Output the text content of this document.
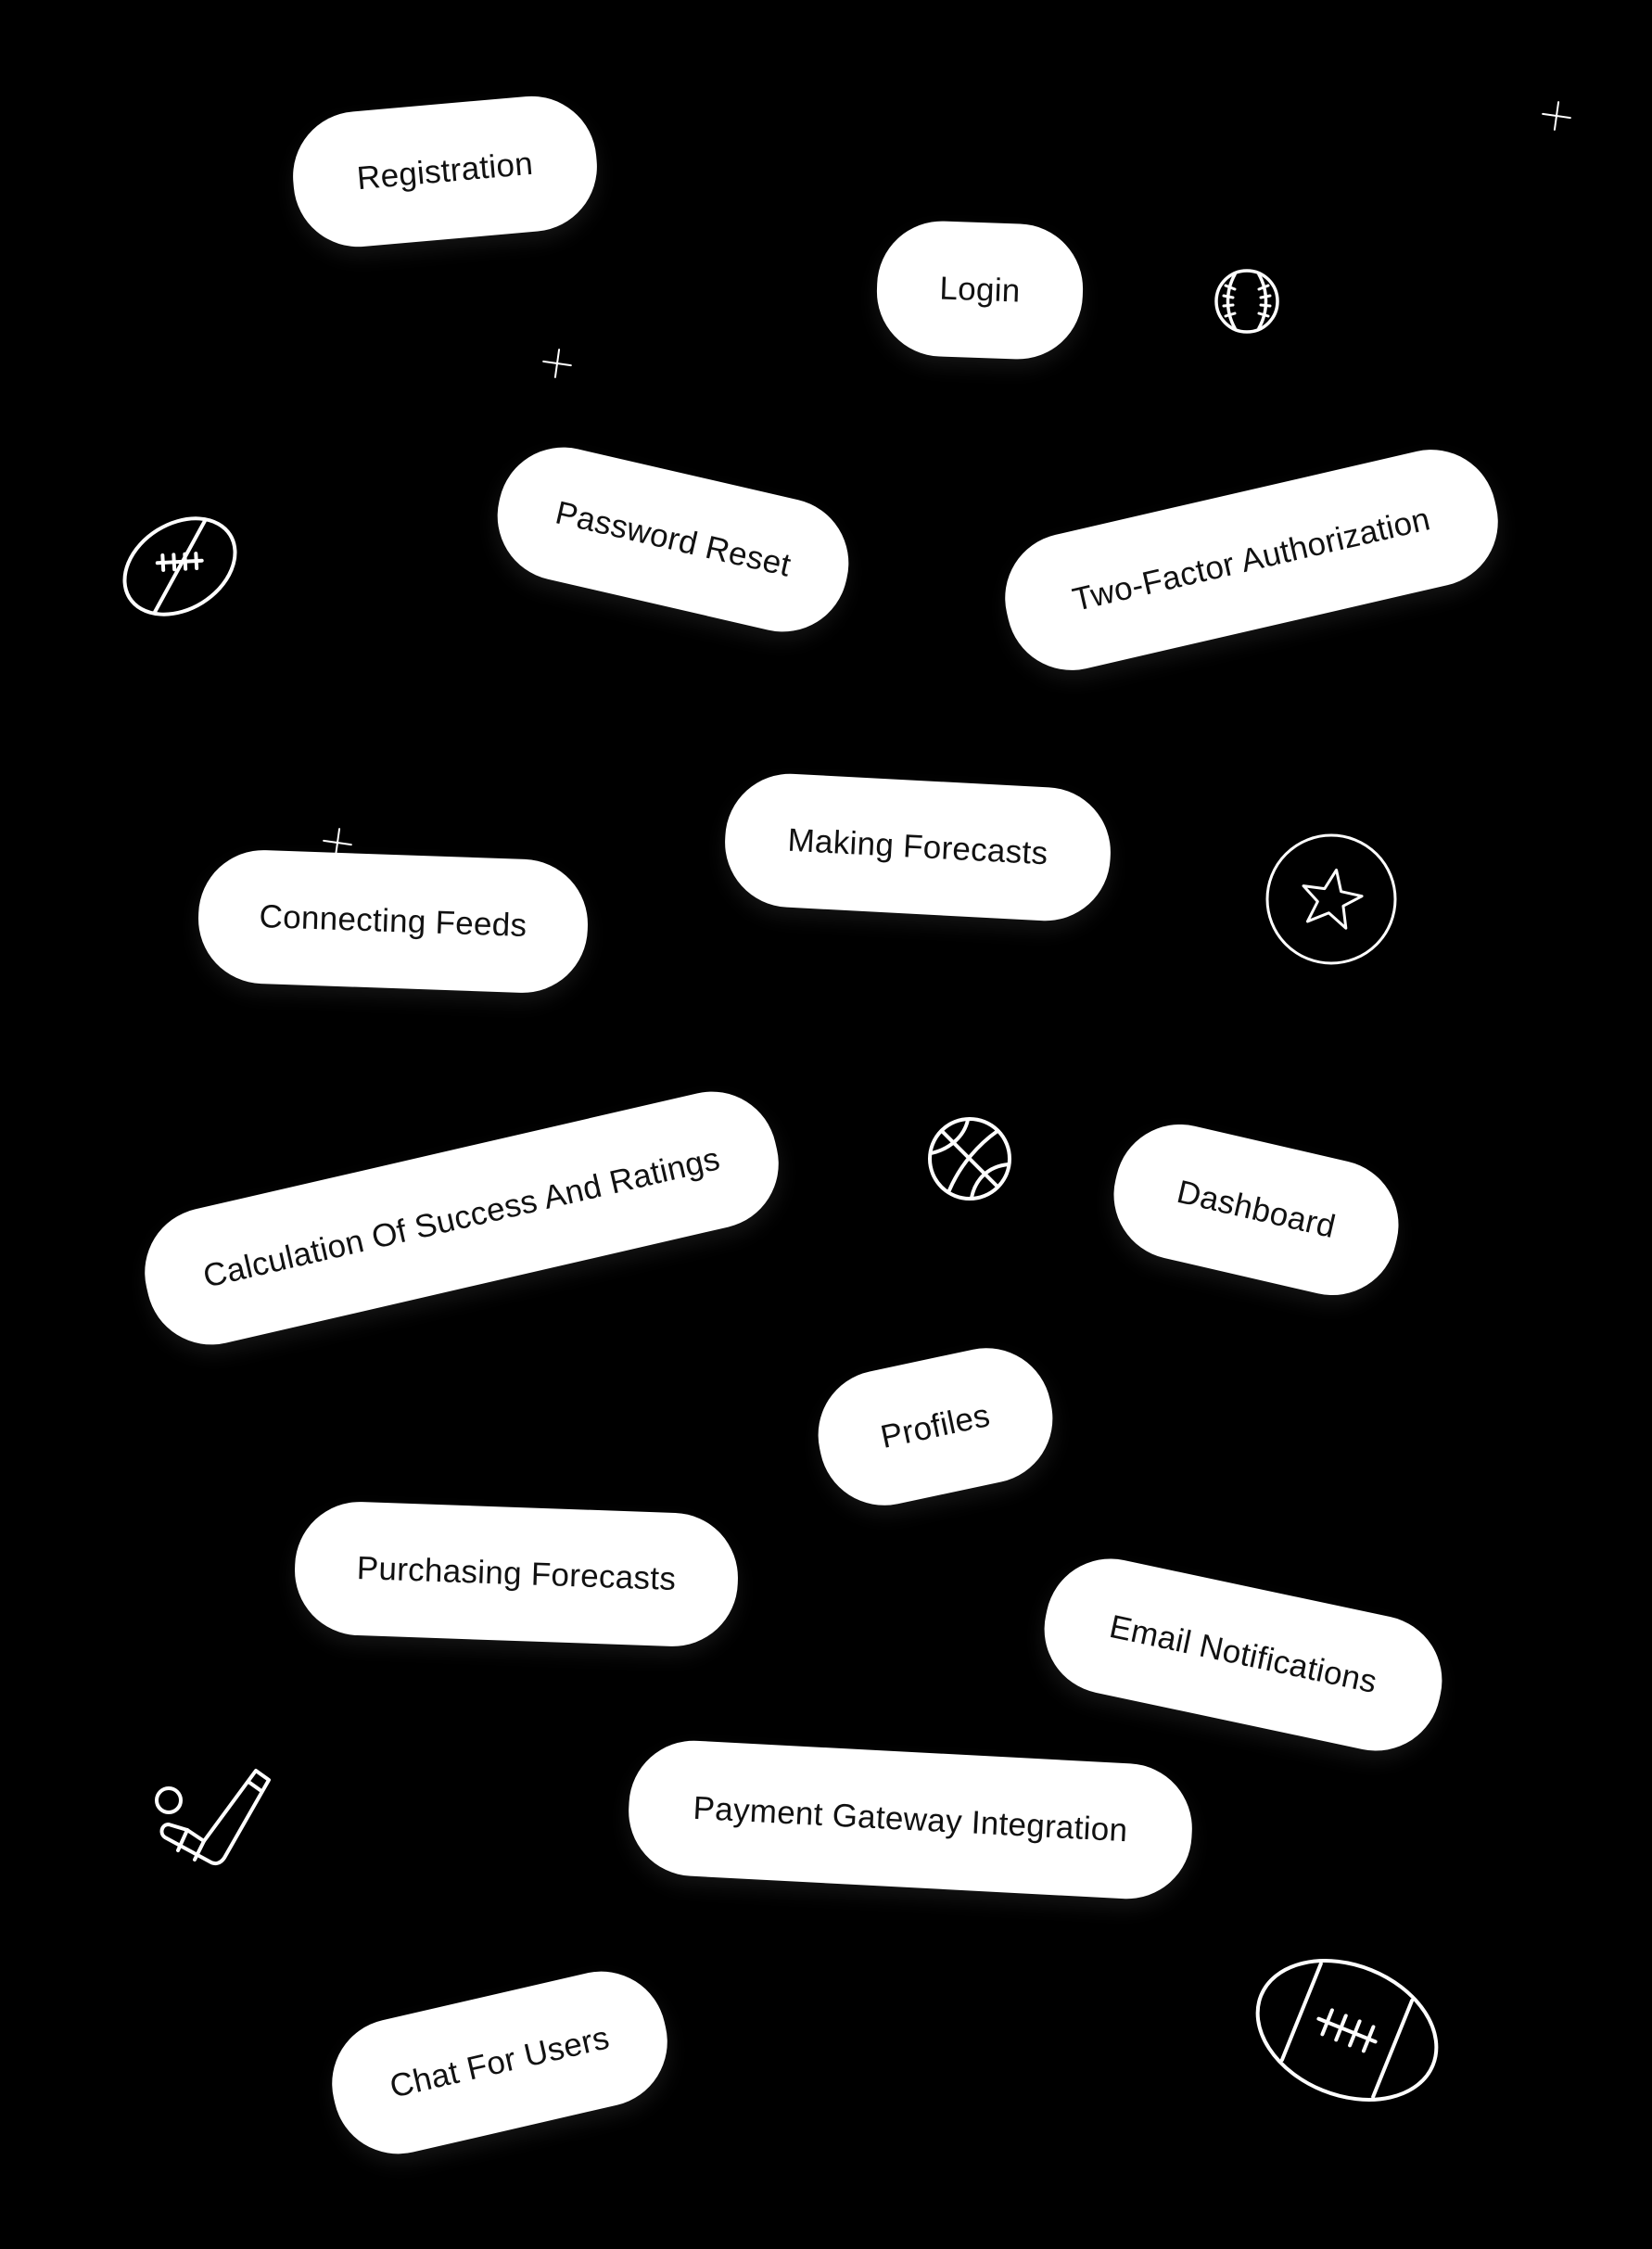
Registration
Login
Password Reset	Two-Factor Authorization
Making Forecasts
Connecting Feeds
Calculation Of Success And Ratings	Dashboard
Profiles
Purchasing Forecasts
Email Notifications
Payment Gateway Integration
Chat For Users
